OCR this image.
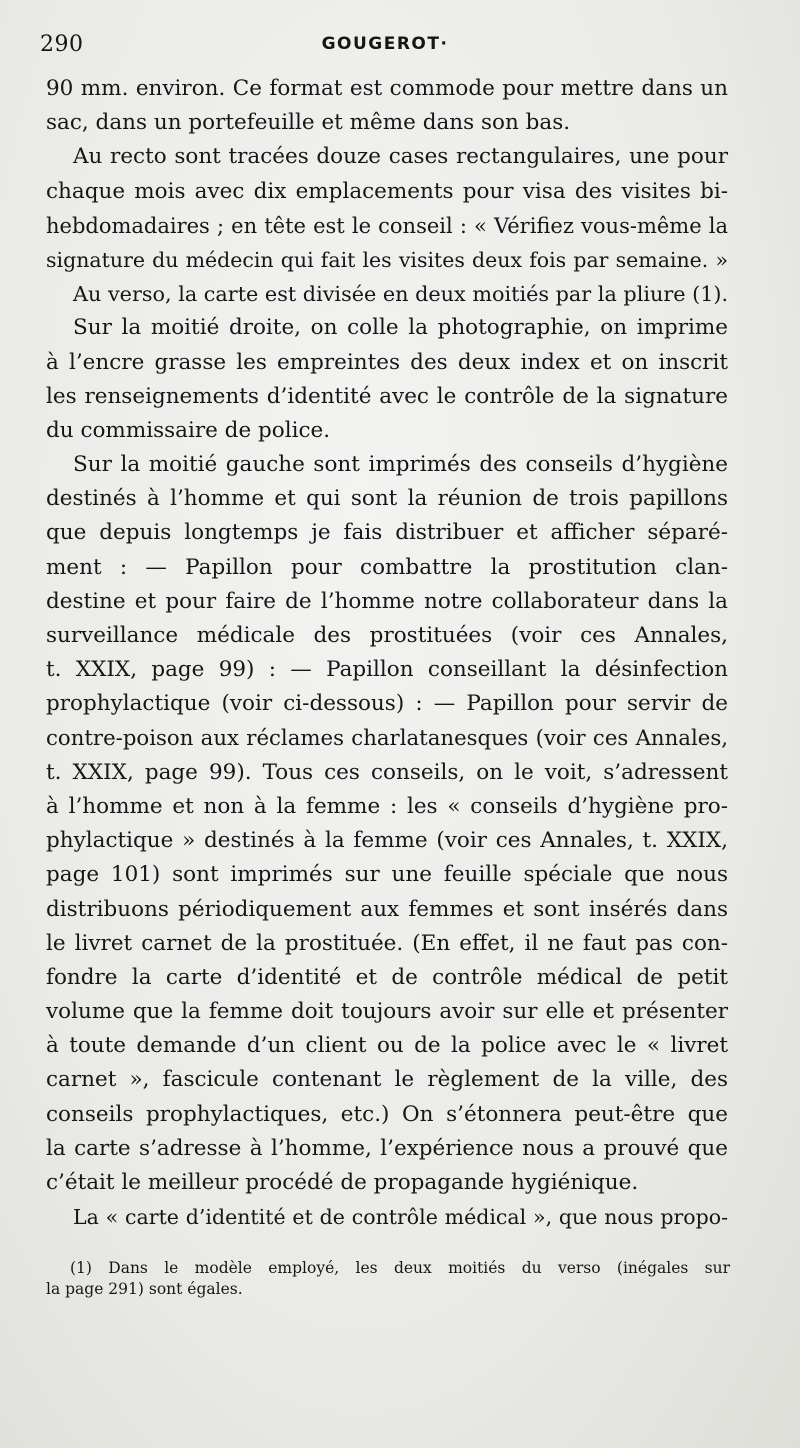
290	GOUGEROT·
90 mm. environ. Ce format est commode pour mettre dans un
sac, dans un portefeuille et même dans son bas.
Au recto sont tracées douze cases rectangulaires, une pour
chaque mois avec dix emplacements pour visa des visites bi-
hebdomadaires ; en tête est le conseil : « Vérifiez vous-même la
signature du médecin qui fait les visites deux fois par semaine. »
Au verso, la carte est divisée en deux moitiés par la pliure (1).
Sur la moitié droite, on colle la photographie, on imprime
à l’encre grasse les empreintes des deux index et on inscrit
les renseignements d’identité avec le contrôle de la signature
du commissaire de police.
Sur la moitié gauche sont imprimés des conseils d’hygiène
destinés à l’homme et qui sont la réunion de trois papillons
que depuis longtemps je fais distribuer et afficher séparé-
ment : — Papillon pour combattre la prostitution clan-
destine et pour faire de l’homme notre collaborateur dans la
surveillance médicale des prostituées (voir ces Annales,
t. XXIX, page 99) : — Papillon conseillant la désinfection
prophylactique (voir ci-dessous) : — Papillon pour servir de
contre-poison aux réclames charlatanesques (voir ces Annales,
t. XXIX, page 99). Tous ces conseils, on le voit, s’adressent
à l’homme et non à la femme : les « conseils d’hygiène pro-
phylactique » destinés à la femme (voir ces Annales, t. XXIX,
page 101) sont imprimés sur une feuille spéciale que nous
distribuons périodiquement aux femmes et sont insérés dans
le livret carnet de la prostituée. (En effet, il ne faut pas con-
fondre la carte d’identité et de contrôle médical de petit
volume que la femme doit toujours avoir sur elle et présenter
à toute demande d’un client ou de la police avec le « livret
carnet », fascicule contenant le règlement de la ville, des
conseils prophylactiques, etc.) On s’étonnera peut-être que
la carte s’adresse à l’homme, l’expérience nous a prouvé que
c’était le meilleur procédé de propagande hygiénique.
La « carte d’identité et de contrôle médical », que nous propo-
(1) Dans le modèle employé, les deux moitiés du verso (inégales sur
la page 291) sont égales.
